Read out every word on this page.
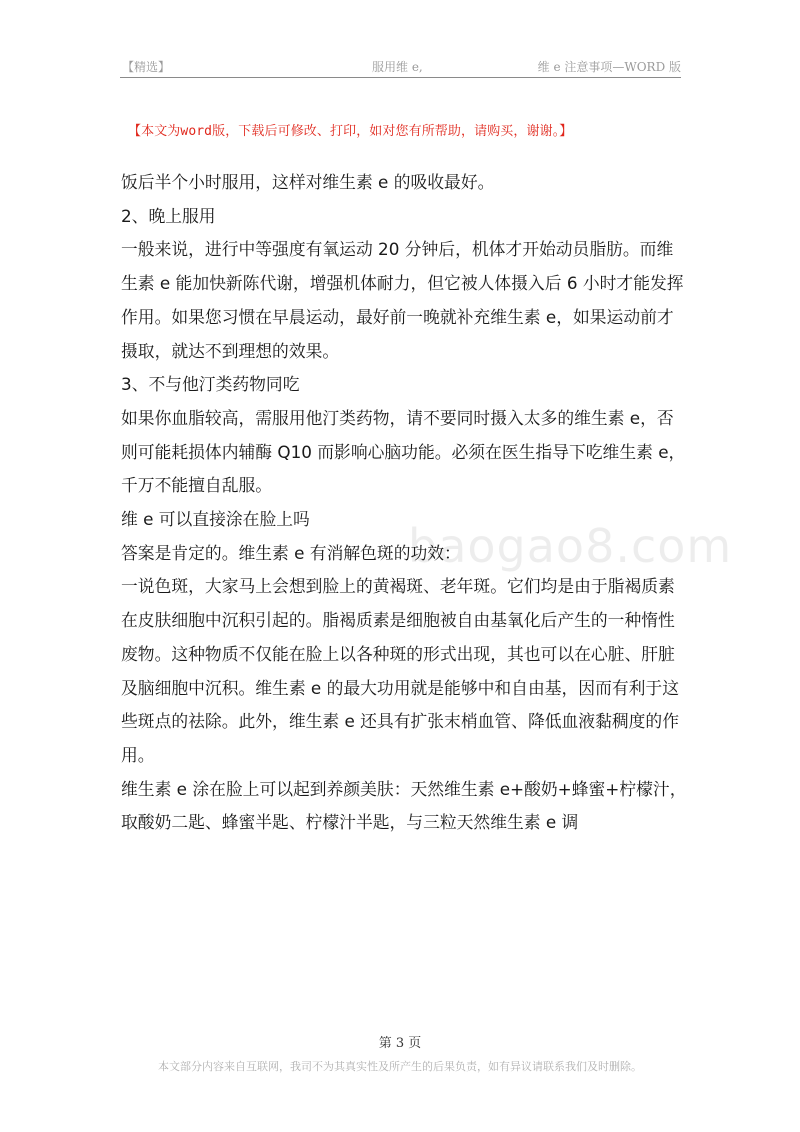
【精选】	服用维 e,	维 e 注意事项—WORD 版
【本文为word版，下载后可修改、打印，如对您有所帮助，请购买，谢谢。】

饭后半个小时服用，这样对维生素 e 的吸收最好。

2、晚上服用

一般来说，进行中等强度有氧运动 20 分钟后，机体才开始动员脂肪。而维生素 e 能加快新陈代谢，增强机体耐力，但它被人体摄入后 6 小时才能发挥作用。如果您习惯在早晨运动，最好前一晚就补充维生素 e，如果运动前才摄取，就达不到理想的效果。

3、不与他汀类药物同吃

如果你血脂较高，需服用他汀类药物，请不要同时摄入太多的维生素 e，否则可能耗损体内辅酶 Q10 而影响心脑功能。必须在医生指导下吃维生素 e，千万不能擅自乱服。

维 e 可以直接涂在脸上吗

答案是肯定的。维生素 e 有消解色斑的功效：

一说色斑，大家马上会想到脸上的黄褐斑、老年斑。它们均是由于脂褐质素在皮肤细胞中沉积引起的。脂褐质素是细胞被自由基氧化后产生的一种惰性废物。这种物质不仅能在脸上以各种斑的形式出现，其也可以在心脏、肝脏及脑细胞中沉积。维生素 e 的最大功用就是能够中和自由基，因而有利于这些斑点的祛除。此外，维生素 e 还具有扩张末梢血管、降低血液黏稠度的作用。

维生素 e 涂在脸上可以起到养颜美肤：天然维生素 e+酸奶+蜂蜜+柠檬汁，取酸奶二匙、蜂蜜半匙、柠檬汁半匙，与三粒天然维生素 e 调

baogao8.com
第 3 页
本文部分内容来自互联网，我司不为其真实性及所产生的后果负责，如有异议请联系我们及时删除。
